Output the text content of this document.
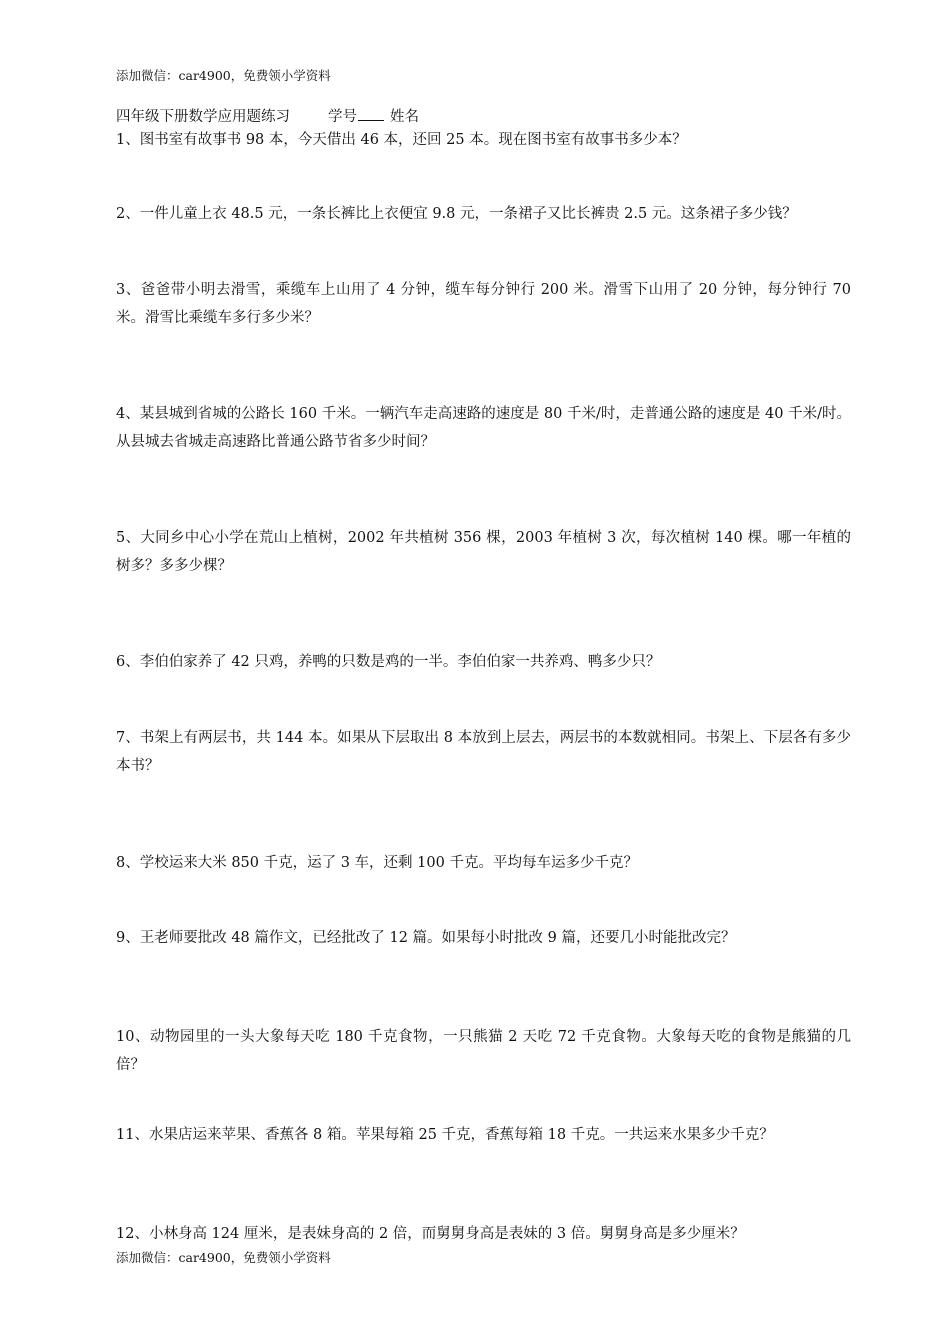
添加微信：car4900，免费领小学资料
四年级下册数学应用题练习	学号 姓名
1、图书室有故事书 98 本，今天借出 46 本，还回 25 本。现在图书室有故事书多少本？
2、一件儿童上衣 48.5 元，一条长裤比上衣便宜 9.8 元，一条裙子又比长裤贵 2.5 元。这条裙子多少钱？
3、爸爸带小明去滑雪，乘缆车上山用了 4 分钟，缆车每分钟行 200 米。滑雪下山用了 20 分钟，每分钟行 70 米。滑雪比乘缆车多行多少米？
4、某县城到省城的公路长 160 千米。一辆汽车走高速路的速度是 80 千米/时，走普通公路的速度是 40 千米/时。从县城去省城走高速路比普通公路节省多少时间？
5、大同乡中心小学在荒山上植树，2002 年共植树 356 棵，2003 年植树 3 次，每次植树 140 棵。哪一年植的树多？多多少棵？
6、李伯伯家养了 42 只鸡，养鸭的只数是鸡的一半。李伯伯家一共养鸡、鸭多少只？
7、书架上有两层书，共 144 本。如果从下层取出 8 本放到上层去，两层书的本数就相同。书架上、下层各有多少本书？
8、学校运来大米 850 千克，运了 3 车，还剩 100 千克。平均每车运多少千克？
9、王老师要批改 48 篇作文，已经批改了 12 篇。如果每小时批改 9 篇，还要几小时能批改完？
10、动物园里的一头大象每天吃 180 千克食物，一只熊猫 2 天吃 72 千克食物。大象每天吃的食物是熊猫的几倍？
11、水果店运来苹果、香蕉各 8 箱。苹果每箱 25 千克，香蕉每箱 18 千克。一共运来水果多少千克？
12、小林身高 124 厘米，是表妹身高的 2 倍，而舅舅身高是表妹的 3 倍。舅舅身高是多少厘米？
添加微信：car4900，免费领小学资料
